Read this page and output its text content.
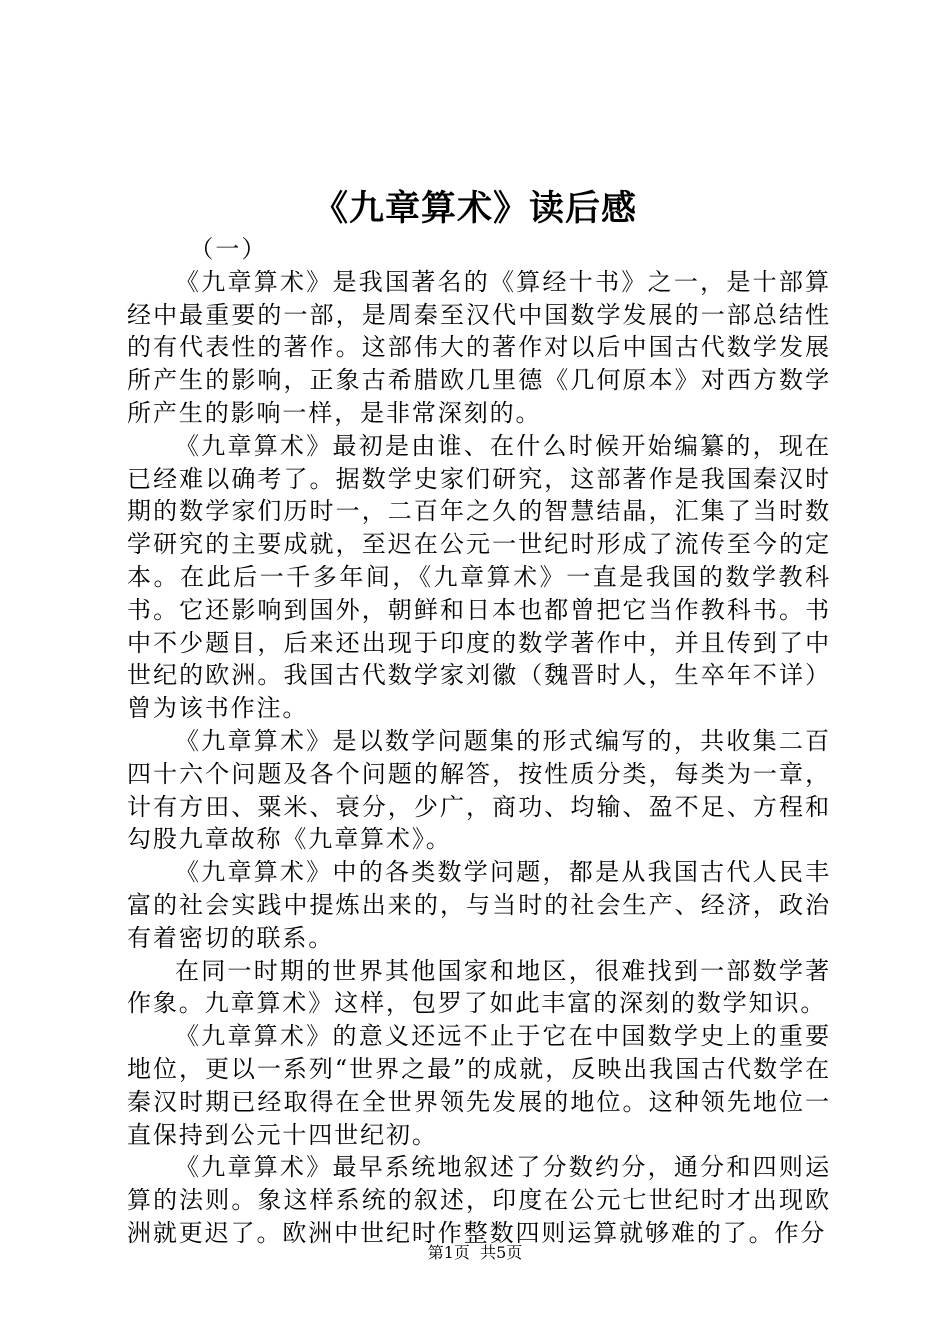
《九章算术》读后感

（一）

《九章算术》是我国著名的《算经十书》之一，是十部算经中最重要的一部，是周秦至汉代中国数学发展的一部总结性的有代表性的著作。这部伟大的著作对以后中国古代数学发展所产生的影响，正象古希腊欧几里德《几何原本》对西方数学所产生的影响一样，是非常深刻的。

《九章算术》最初是由谁、在什么时候开始编纂的，现在已经难以确考了。据数学史家们研究，这部著作是我国秦汉时期的数学家们历时一，二百年之久的智慧结晶，汇集了当时数学研究的主要成就，至迟在公元一世纪时形成了流传至今的定本。在此后一千多年间，《九章算术》一直是我国的数学教科书。它还影响到国外，朝鲜和日本也都曾把它当作教科书。书中不少题目，后来还出现于印度的数学著作中，并且传到了中世纪的欧洲。我国古代数学家刘徽（魏晋时人，生卒年不详）曾为该书作注。

《九章算术》是以数学问题集的形式编写的，共收集二百四十六个问题及各个问题的解答，按性质分类，每类为一章，计有方田、粟米、衰分，少广，商功、均输、盈不足、方程和勾股九章故称《九章算术》。

《九章算术》中的各类数学问题，都是从我国古代人民丰富的社会实践中提炼出来的，与当时的社会生产、经济，政治有着密切的联系。

在同一时期的世界其他国家和地区，很难找到一部数学著作象。九章算术》这样，包罗了如此丰富的深刻的数学知识。

《九章算术》的意义还远不止于它在中国数学史上的重要地位，更以一系列“世界之最”的成就，反映出我国古代数学在秦汉时期已经取得在全世界领先发展的地位。这种领先地位一直保持到公元十四世纪初。

《九章算术》最早系统地叙述了分数约分，通分和四则运算的法则。象这样系统的叙述，印度在公元七世纪时才出现欧洲就更迟了。欧洲中世纪时作整数四则运算就够难的了。作分

第1页  共5页
